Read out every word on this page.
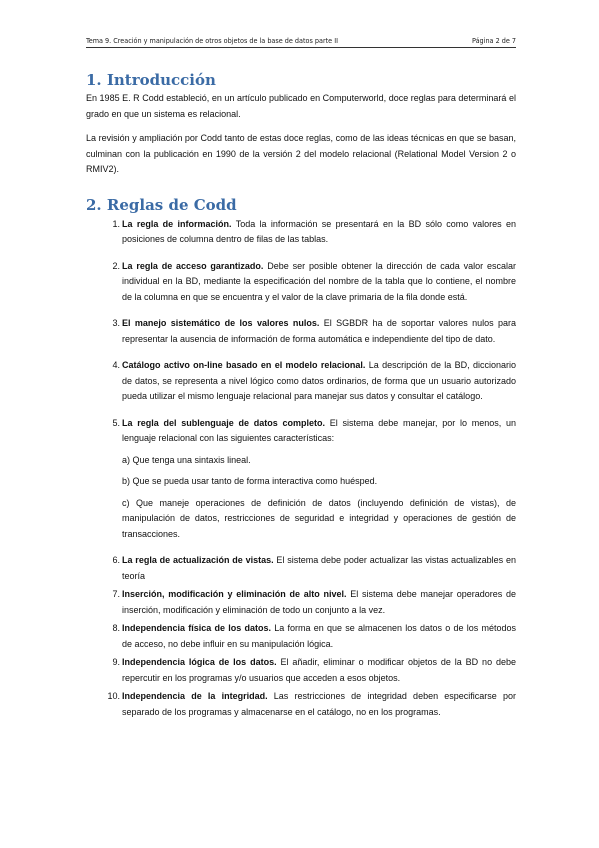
Tema 9. Creación y manipulación de otros objetos de la base de datos parte II	Página 2 de 7
1. Introducción

En 1985 E. R Codd estableció, en un artículo publicado en Computerworld, doce reglas para determinará el grado en que un sistema es relacional.

La revisión y ampliación por Codd tanto de estas doce reglas, como de las ideas técnicas en que se basan, culminan con la publicación en 1990 de la versión 2 del modelo relacional (Relational Model Version 2 o RMIV2).

2. Reglas de Codd
1. La regla de información. Toda la información se presentará en la BD sólo como valores en posiciones de columna dentro de filas de las tablas.
2. La regla de acceso garantizado. Debe ser posible obtener la dirección de cada valor escalar individual en la BD, mediante la especificación del nombre de la tabla que lo contiene, el nombre de la columna en que se encuentra y el valor de la clave primaria de la fila donde está.
3. El manejo sistemático de los valores nulos. El SGBDR ha de soportar valores nulos para representar la ausencia de información de forma automática e independiente del tipo de dato.
4. Catálogo activo on-line basado en el modelo relacional. La descripción de la BD, diccionario de datos, se representa a nivel lógico como datos ordinarios, de forma que un usuario autorizado pueda utilizar el mismo lenguaje relacional para manejar sus datos y consultar el catálogo.
5. La regla del sublenguaje de datos completo. El sistema debe manejar, por lo menos, un lenguaje relacional con las siguientes características:
a) Que tenga una sintaxis lineal.
b) Que se pueda usar tanto de forma interactiva como huésped.
c) Que maneje operaciones de definición de datos (incluyendo definición de vistas), de manipulación de datos, restricciones de seguridad e integridad y operaciones de gestión de transacciones.
6. La regla de actualización de vistas. El sistema debe poder actualizar las vistas actualizables en teoría
7. Inserción, modificación y eliminación de alto nivel. El sistema debe manejar operadores de inserción, modificación y eliminación de todo un conjunto a la vez.
8. Independencia física de los datos. La forma en que se almacenen los datos o de los métodos de acceso, no debe influir en su manipulación lógica.
9. Independencia lógica de los datos. El añadir, eliminar o modificar objetos de la BD no debe repercutir en los programas y/o usuarios que acceden a esos objetos.
10. Independencia de la integridad. Las restricciones de integridad deben especificarse por separado de los programas y almacenarse en el catálogo, no en los programas.
